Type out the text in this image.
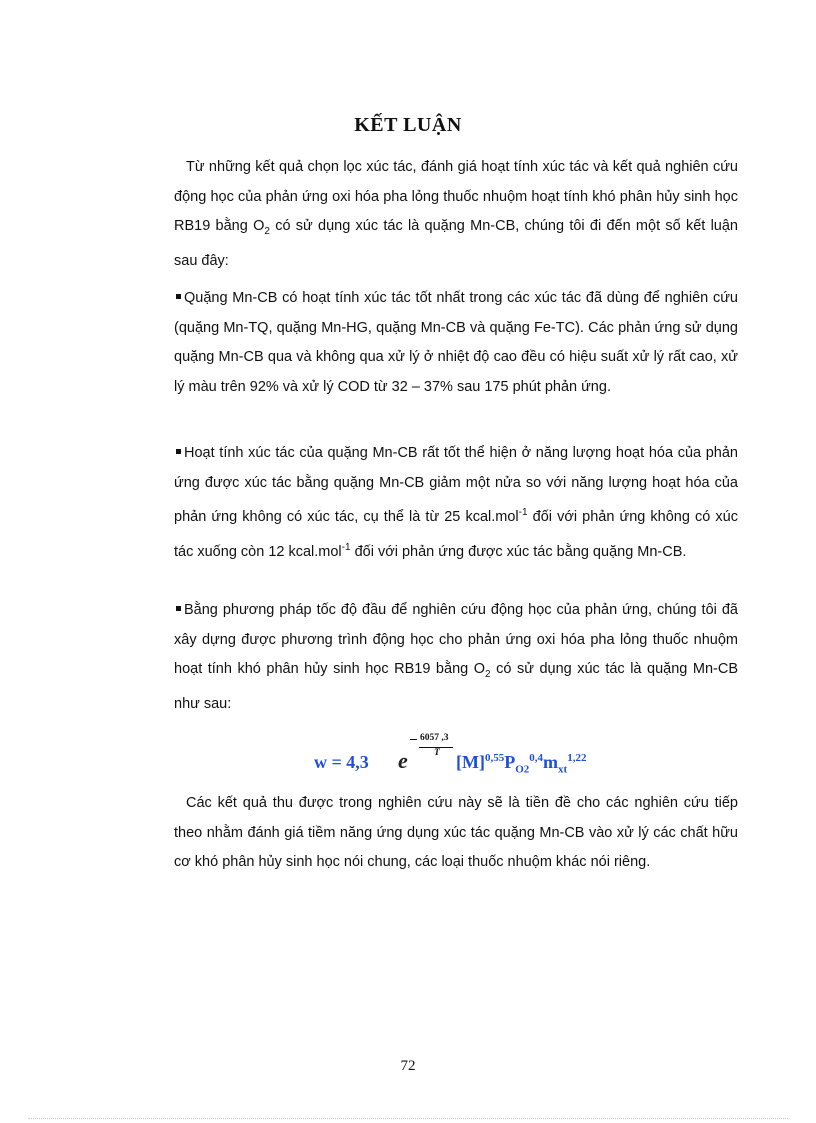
KẾT LUẬN

Từ những kết quả chọn lọc xúc tác, đánh giá hoạt tính xúc tác và kết quả nghiên cứu động học của phản ứng oxi hóa pha lỏng thuốc nhuộm hoạt tính khó phân hủy sinh học RB19 bằng $O_2$ có sử dụng xúc tác là quặng Mn-CB, chúng tôi đi đến một số kết luận sau đây:

Quặng Mn-CB có hoạt tính xúc tác tốt nhất trong các xúc tác đã dùng để nghiên cứu (quặng Mn-TQ, quặng Mn-HG, quặng Mn-CB và quặng Fe-TC). Các phản ứng sử dụng quặng Mn-CB qua và không qua xử lý ở nhiệt độ cao đều có hiệu suất xử lý rất cao, xử lý màu trên 92% và xử lý COD từ 32 – 37% sau 175 phút phản ứng.

Hoạt tính xúc tác của quặng Mn-CB rất tốt thể hiện ở năng lượng hoạt hóa của phản ứng được xúc tác bằng quặng Mn-CB giảm một nửa so với năng lượng hoạt hóa của phản ứng không có xúc tác, cụ thể là từ 25 kcal.mol$^{-1}$ đối với phản ứng không có xúc tác xuống còn 12 kcal.mol$^{-1}$ đối với phản ứng được xúc tác bằng quặng Mn-CB.

Bằng phương pháp tốc độ đầu để nghiên cứu động học của phản ứng, chúng tôi đã xây dựng được phương trình động học cho phản ứng oxi hóa pha lỏng thuốc nhuộm hoạt tính khó phân hủy sinh học RB19 bằng $O_2$ có sử dụng xúc tác là quặng Mn-CB như sau:

w = 4,3 e
6057 ,3
T $[M]^{0,55}P_{O2}^{0,4}m_{xt}^{1,22}$

Các kết quả thu được trong nghiên cứu này sẽ là tiền đề cho các nghiên cứu tiếp theo nhằm đánh giá tiềm năng ứng dụng xúc tác quặng Mn-CB vào xử lý các chất hữu cơ khó phân hủy sinh học nói chung, các loại thuốc nhuộm khác nói riêng.

72
